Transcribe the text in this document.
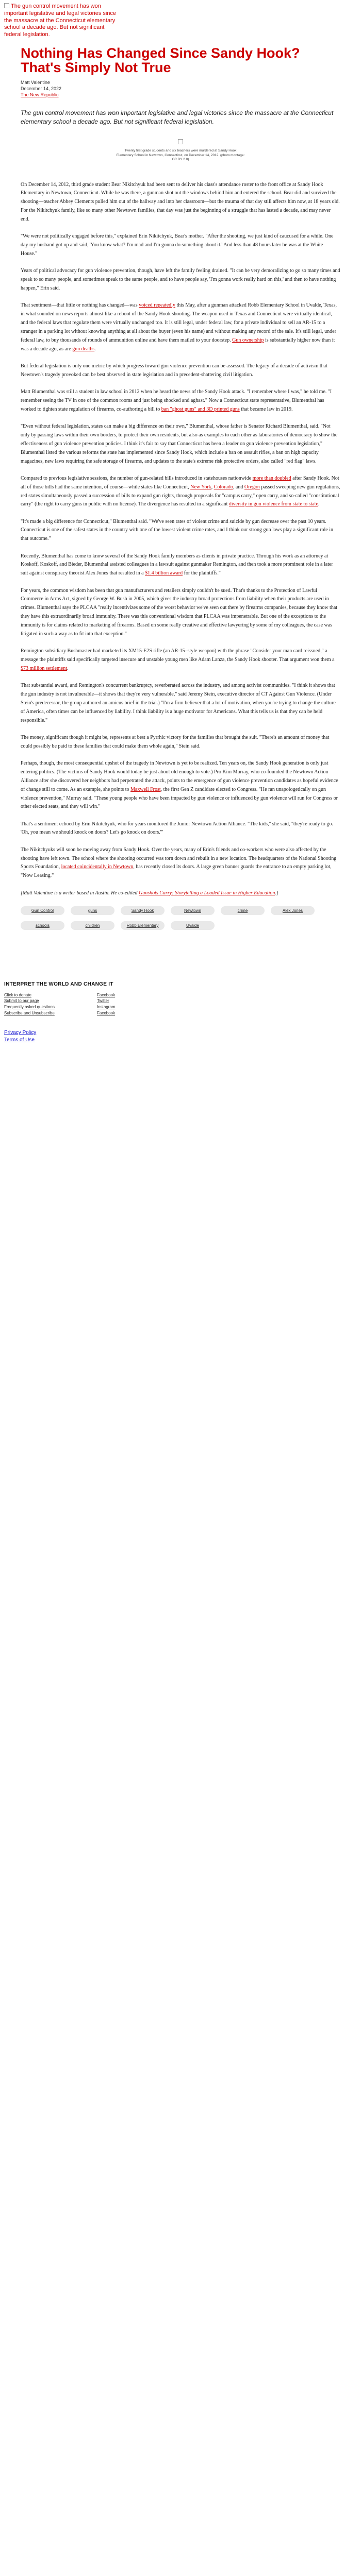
The gun control movement has won important legislative and legal victories since the massacre at the Connecticut elementary school a decade ago. But not significant federal legislation.
Nothing Has Changed Since Sandy Hook? That's Simply Not True
Matt Valentine
December 14, 2022
The New Republic

The gun control movement has won important legislative and legal victories since the massacre at the Connecticut elementary school a decade ago. But not significant federal legislation.

Twenty first grade students and six teachers were murdered at Sandy Hook Elementary School in Newtown, Connecticut, on December 14, 2012. (photo montage: CC BY 2.0)

On December 14, 2012, third grade student Bear Nikitchyuk had been sent to deliver his class's attendance roster to the front office at Sandy Hook Elementary in Newtown, Connecticut. While he was there, a gunman shot out the windows behind him and entered the school. Bear did and survived the shooting—teacher Abbey Clements pulled him out of the hallway and into her classroom—but the trauma of that day still affects him now, at 18 years old. For the Nikitchyuk family, like so many other Newtown families, that day was just the beginning of a struggle that has lasted a decade, and may never end.

"We were not politically engaged before this," explained Erin Nikitchyuk, Bear's mother. "After the shooting, we just kind of caucused for a while. One day my husband got up and said, 'You know what? I'm mad and I'm gonna do something about it.' And less than 48 hours later he was at the White House."

Years of political advocacy for gun violence prevention, though, have left the family feeling drained. "It can be very demoralizing to go so many times and speak to so many people, and sometimes speak to the same people, and to have people say, 'I'm gonna work really hard on this,' and then to have nothing happen," Erin said.

That sentiment—that little or nothing has changed—was voiced repeatedly this May, after a gunman attacked Robb Elementary School in Uvalde, Texas, in what sounded on news reports almost like a reboot of the Sandy Hook shooting. The weapon used in Texas and Connecticut were virtually identical, and the federal laws that regulate them were virtually unchanged too. It is still legal, under federal law, for a private individual to sell an AR-15 to a stranger in a parking lot without knowing anything at all about the buyer (even his name) and without making any record of the sale. It's still legal, under federal law, to buy thousands of rounds of ammunition online and have them mailed to your doorstep. Gun ownership is substantially higher now than it was a decade ago, as are gun deaths.

But federal legislation is only one metric by which progress toward gun violence prevention can be assessed. The legacy of a decade of activism that Newtown's tragedy provoked can be best observed in state legislation and in precedent-shattering civil litigation.

Matt Blumenthal was still a student in law school in 2012 when he heard the news of the Sandy Hook attack. "I remember where I was," he told me. "I remember seeing the TV in one of the common rooms and just being shocked and aghast." Now a Connecticut state representative, Blumenthal has worked to tighten state regulation of firearms, co-authoring a bill to ban "ghost guns" and 3D printed guns that became law in 2019.

"Even without federal legislation, states can make a big difference on their own," Blumenthal, whose father is Senator Richard Blumenthal, said. "Not only by passing laws within their own borders, to protect their own residents, but also as examples to each other as laboratories of democracy to show the effectiveness of gun violence prevention policies. I think it's fair to say that Connecticut has been a leader on gun violence prevention legislation," Blumenthal listed the various reforms the state has implemented since Sandy Hook, which include a ban on assault rifles, a ban on high capacity magazines, new laws requiring the safe storage of firearms, and updates to the state's extreme risk protective orders, also called "red flag" laws.

Compared to previous legislative sessions, the number of gun-related bills introduced in statehouses nationwide more than doubled after Sandy Hook. Not all of those bills had the same intention, of course—while states like Connecticut, New York, Colorado, and Oregon passed sweeping new gun regulations, red states simultaneously passed a succession of bills to expand gun rights, through proposals for "campus carry," open carry, and so-called "constitutional carry" (the right to carry guns in public with no license). The divergence has resulted in a significant diversity in gun violence from state to state.

"It's made a big difference for Connecticut," Blumenthal said. "We've seen rates of violent crime and suicide by gun decrease over the past 10 years. Connecticut is one of the safest states in the country with one of the lowest violent crime rates, and I think our strong gun laws play a significant role in that outcome."

Recently, Blumenthal has come to know several of the Sandy Hook family members as clients in private practice. Through his work as an attorney at Koskoff, Koskoff, and Bieder, Blumenthal assisted colleagues in a lawsuit against gunmaker Remington, and then took a more prominent role in a later suit against conspiracy theorist Alex Jones that resulted in a $1.4 billion award for the plaintiffs."

For years, the common wisdom has been that gun manufacturers and retailers simply couldn't be sued. That's thanks to the Protection of Lawful Commerce in Arms Act, signed by George W. Bush in 2005, which gives the industry broad protections from liability when their products are used in crimes. Blumenthal says the PLCAA "really incentivizes some of the worst behavior we've seen out there by firearms companies, because they know that they have this extraordinarily broad immunity. There was this conventional wisdom that PLCAA was impenetrable. But one of the exceptions to the immunity is for claims related to marketing of firearms. Based on some really creative and effective lawyering by some of my colleagues, the case was litigated in such a way as to fit into that exception."

Remington subsidiary Bushmaster had marketed its XM15-E2S rifle (an AR-15–style weapon) with the phrase "Consider your man card reissued," a message the plaintiffs said specifically targeted insecure and unstable young men like Adam Lanza, the Sandy Hook shooter. That argument won them a $73 million settlement.

That substantial award, and Remington's concurrent bankruptcy, reverberated across the industry, and among activist communities. "I think it shows that the gun industry is not invulnerable—it shows that they're very vulnerable," said Jeremy Stein, executive director of CT Against Gun Violence. (Under Stein's predecessor, the group authored an amicus brief in the trial.) "I'm a firm believer that a lot of motivation, when you're trying to change the culture of America, often times can be influenced by liability. I think liability is a huge motivator for Americans. What this tells us is that they can be held responsible."

The money, significant though it might be, represents at best a Pyrrhic victory for the families that brought the suit. "There's an amount of money that could possibly be paid to these families that could make them whole again," Stein said.

Perhaps, though, the most consequential upshot of the tragedy in Newtown is yet to be realized. Ten years on, the Sandy Hook generation is only just entering politics. (The victims of Sandy Hook would today be just about old enough to vote.) Pro Kim Murray, who co-founded the Newtown Action Alliance after she discovered her neighbors had perpetrated the attack, points to the emergence of gun violence prevention candidates as hopeful evidence of change still to come. As an example, she points to Maxwell Frost, the first Gen Z candidate elected to Congress. "He ran unapologetically on gun violence prevention," Murray said. "These young people who have been impacted by gun violence or influenced by gun violence will run for Congress or other elected seats, and they will win."

That's a sentiment echoed by Erin Nikitchyuk, who for years monitored the Junior Newtown Action Alliance. "The kids," she said, "they're ready to go. 'Oh, you mean we should knock on doors? Let's go knock on doors.'"

The Nikitchyuks will soon be moving away from Sandy Hook. Over the years, many of Erin's friends and co-workers who were also affected by the shooting have left town. The school where the shooting occurred was torn down and rebuilt in a new location. The headquarters of the National Shooting Sports Foundation, located coincidentally in Newtown, has recently closed its doors. A large green banner guards the entrance to an empty parking lot, "Now Leasing."

[Matt Valentine is a writer based in Austin. He co-edited Gunshots Carry: Storytelling a Loaded Issue in Higher Education.]

Gun Control	guns	Sandy Hook	Newtown	crime	Alex Jones
schools	children	Robb Elementary	Uvalde
INTERPRET THE WORLD AND CHANGE IT
Click to donate
Submit to our page
Frequently asked questions
Subscribe and Unsubscribe
Facebook
Twitter
Instagram
Facebook
Privacy Policy
Terms of Use
